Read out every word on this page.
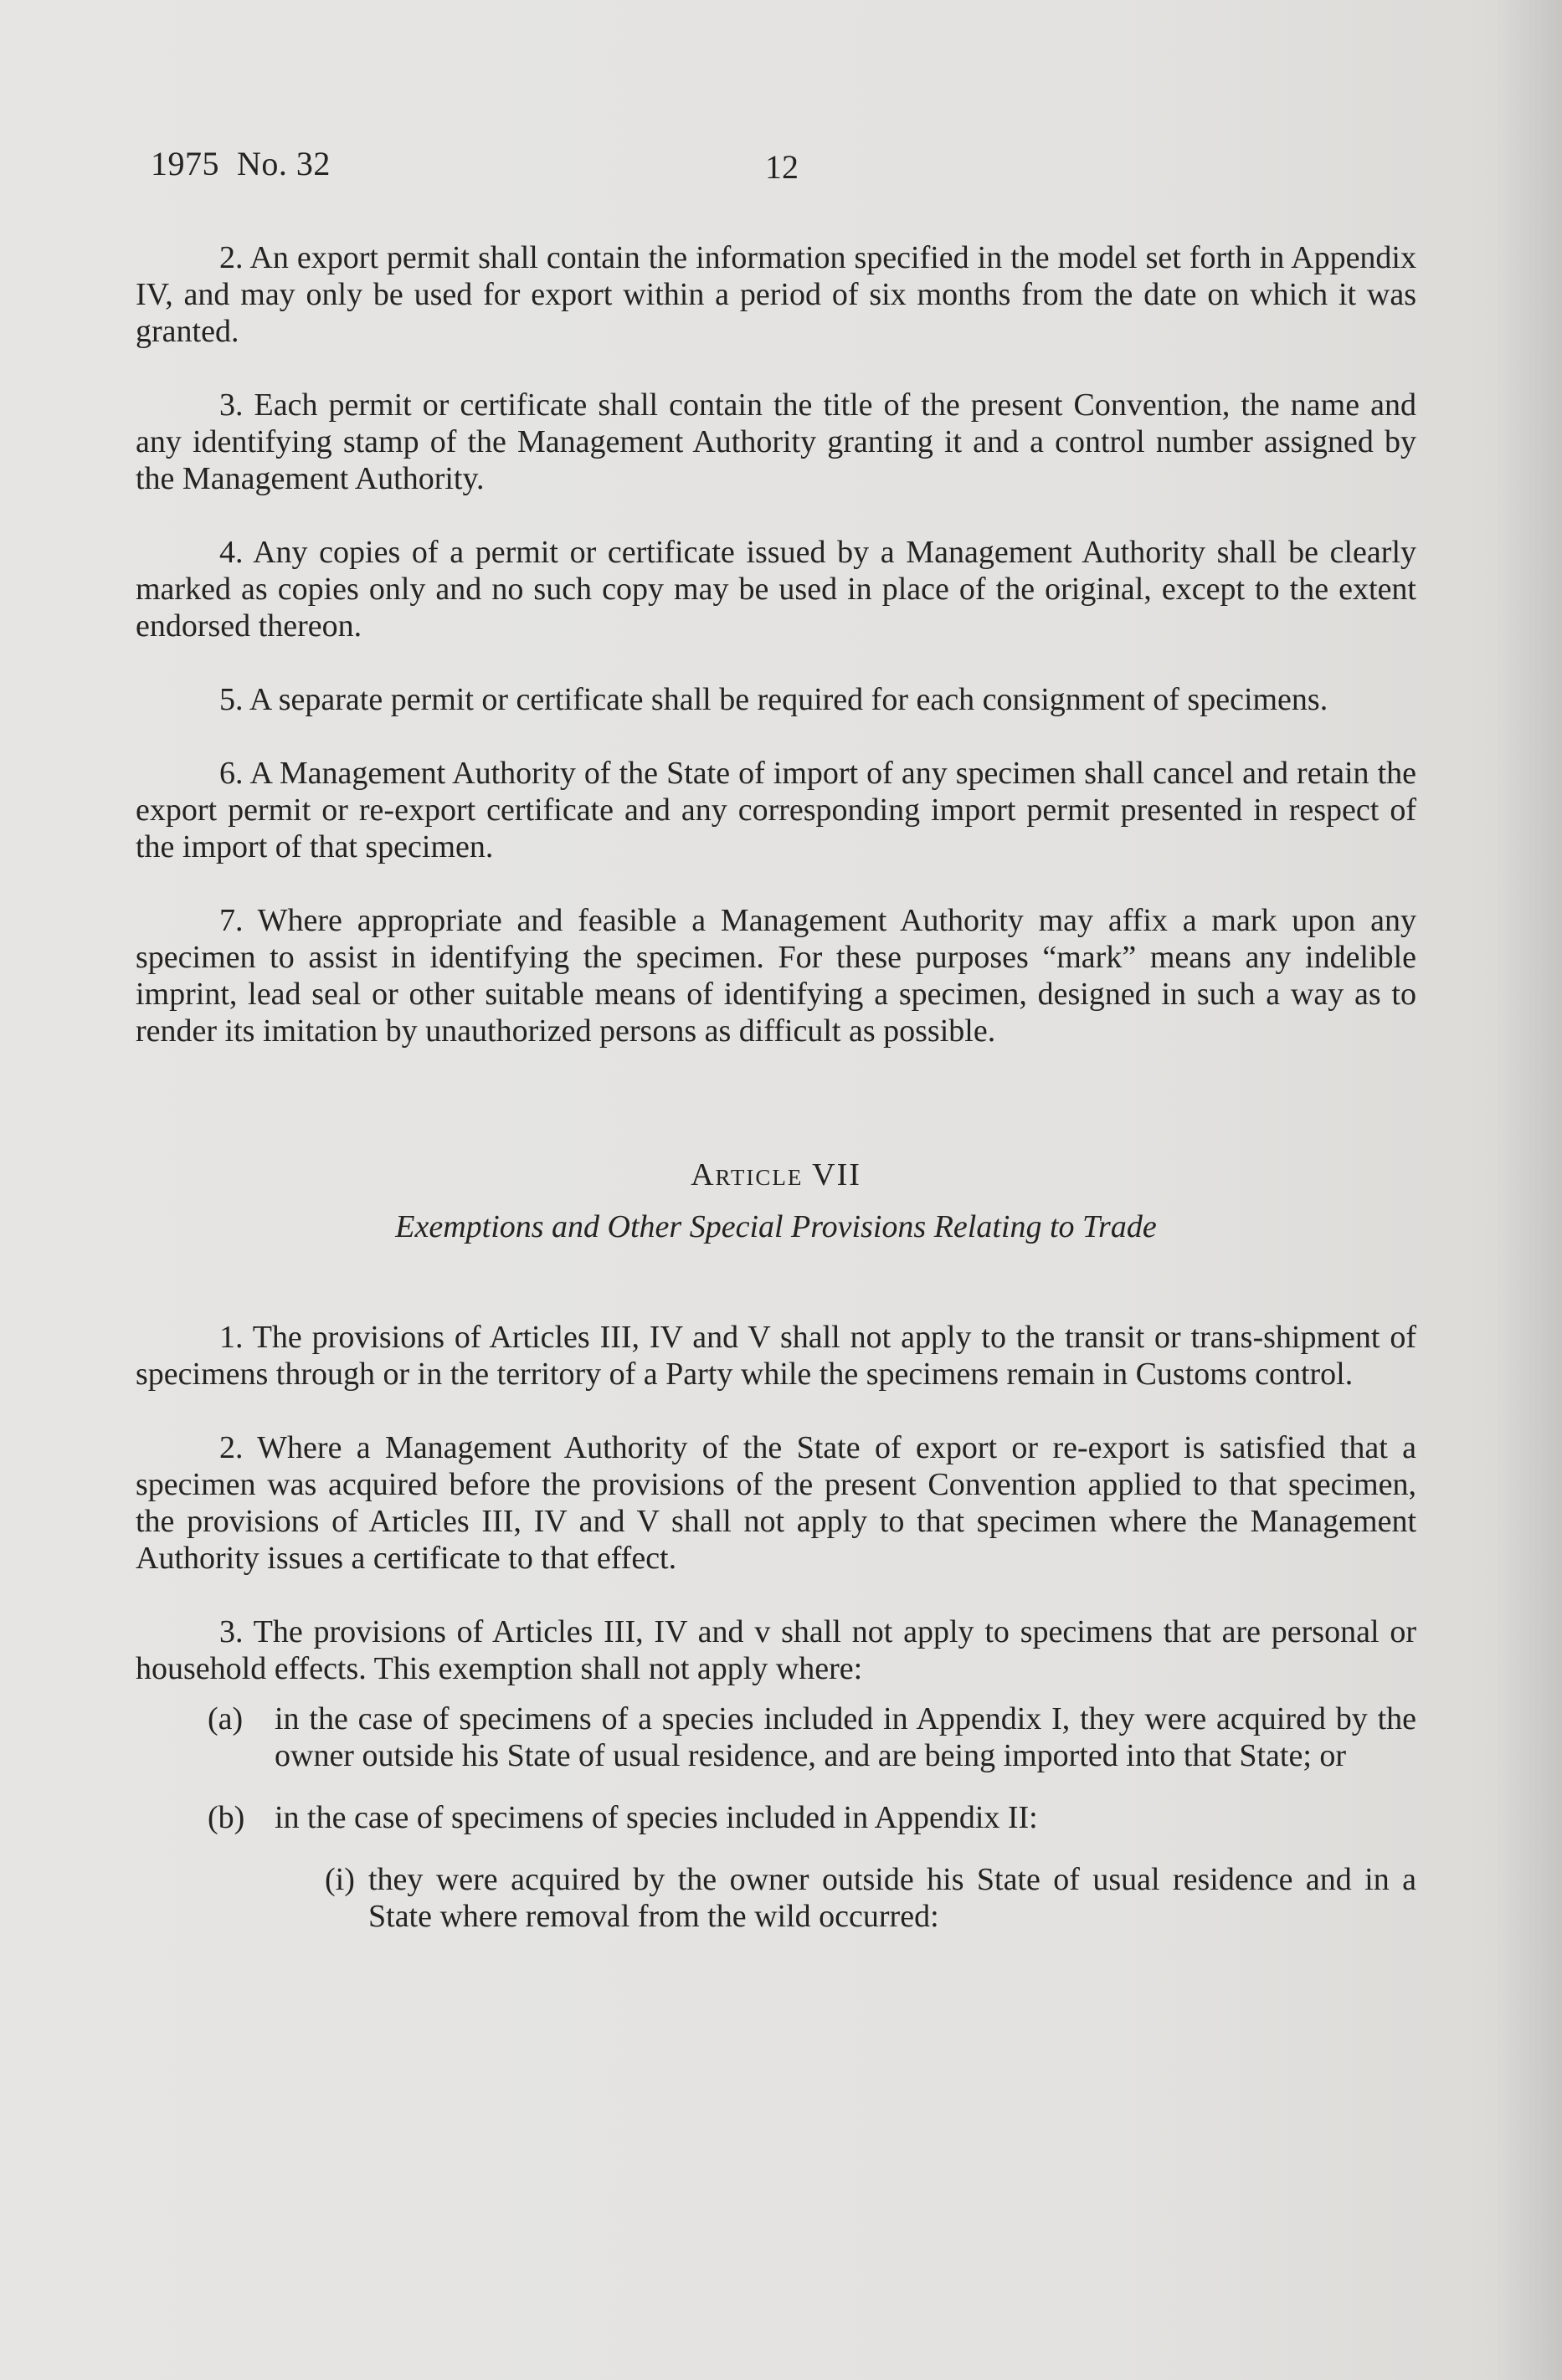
1975  No. 32	12

2. An export permit shall contain the information specified in the model set forth in Appendix IV, and may only be used for export within a period of six months from the date on which it was granted.

3. Each permit or certificate shall contain the title of the present Convention, the name and any identifying stamp of the Management Authority granting it and a control number assigned by the Management Authority.

4. Any copies of a permit or certificate issued by a Management Authority shall be clearly marked as copies only and no such copy may be used in place of the original, except to the extent endorsed thereon.

5. A separate permit or certificate shall be required for each consignment of specimens.

6. A Management Authority of the State of import of any specimen shall cancel and retain the export permit or re-export certificate and any corresponding import permit presented in respect of the import of that specimen.

7. Where appropriate and feasible a Management Authority may affix a mark upon any specimen to assist in identifying the specimen. For these purposes “mark” means any indelible imprint, lead seal or other suitable means of identifying a specimen, designed in such a way as to render its imitation by unauthorized persons as difficult as possible.

Article VII
Exemptions and Other Special Provisions Relating to Trade

1. The provisions of Articles III, IV and V shall not apply to the transit or trans-shipment of specimens through or in the territory of a Party while the specimens remain in Customs control.

2. Where a Management Authority of the State of export or re-export is satisfied that a specimen was acquired before the provisions of the present Convention applied to that specimen, the provisions of Articles III, IV and V shall not apply to that specimen where the Management Authority issues a certificate to that effect.

3. The provisions of Articles III, IV and v shall not apply to specimens that are personal or household effects. This exemption shall not apply where:

(a) in the case of specimens of a species included in Appendix I, they were acquired by the owner outside his State of usual residence, and are being imported into that State; or
(b) in the case of specimens of species included in Appendix II:
(i) they were acquired by the owner outside his State of usual residence and in a State where removal from the wild occurred:
